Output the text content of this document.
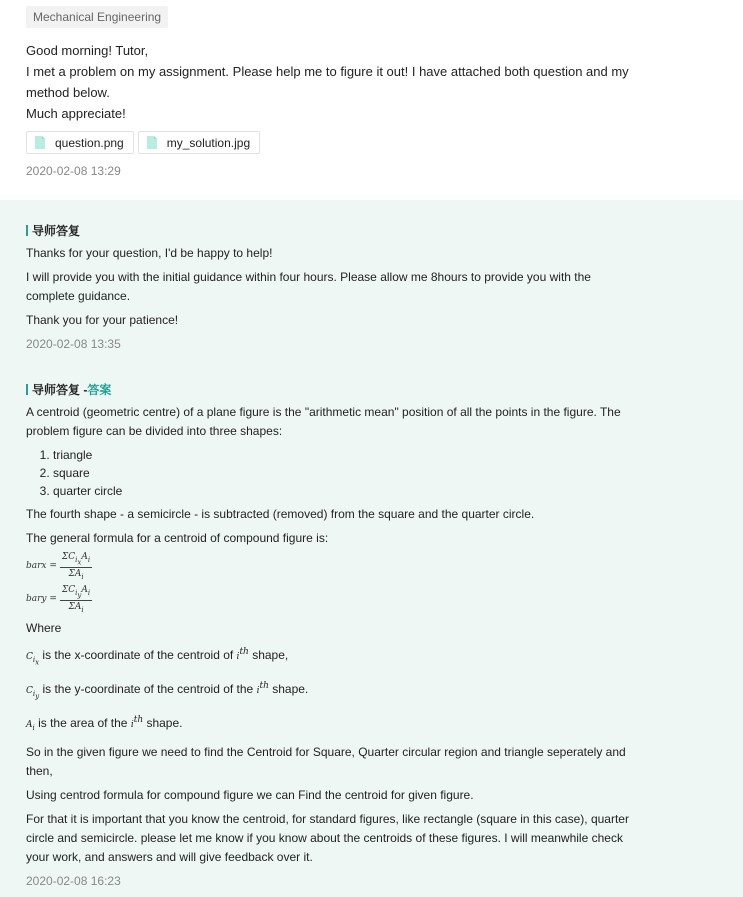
Mechanical Engineering
Good morning! Tutor,
I met a problem on my assignment. Please help me to figure it out! I have attached both question and my method below.
Much appreciate!
question.png	my_solution.jpg
2020-02-08 13:29
导师答复

Thanks for your question, I'd be happy to help!

I will provide you with the initial guidance within four hours. Please allow me 8hours to provide you with the complete guidance.

Thank you for your patience!

2020-02-08 13:35
导师答复 - 答案

A centroid (geometric centre) of a plane figure is the "arithmetic mean" position of all the points in the figure. The problem figure can be divided into three shapes:

1. triangle
2. square
3. quarter circle

The fourth shape - a semicircle - is subtracted (removed) from the square and the quarter circle.

The general formula for a centroid of compound figure is:

barx = $\frac{\Sigma C_{i_x}A_i}{\Sigma A_i}$
bary = $\frac{\Sigma C_{i_y}A_i}{\Sigma A_i}$

Where

$C_{i_x}$ is the x-coordinate of the centroid of $i^{th}$ shape,

$C_{i_y}$ is the y-coordinate of the centroid of the $i^{th}$ shape.

$A_i$ is the area of the $i^{th}$ shape.

So in the given figure we need to find the Centroid for Square, Quarter circular region and triangle seperately and then,

Using centrod formula for compound figure we can Find the centroid for given figure.

For that it is important that you know the centroid, for standard figures, like rectangle (square in this case), quarter circle and semicircle. please let me know if you know about the centroids of these figures. I will meanwhile check your work, and answers and will give feedback over it.

2020-02-08 16:23
